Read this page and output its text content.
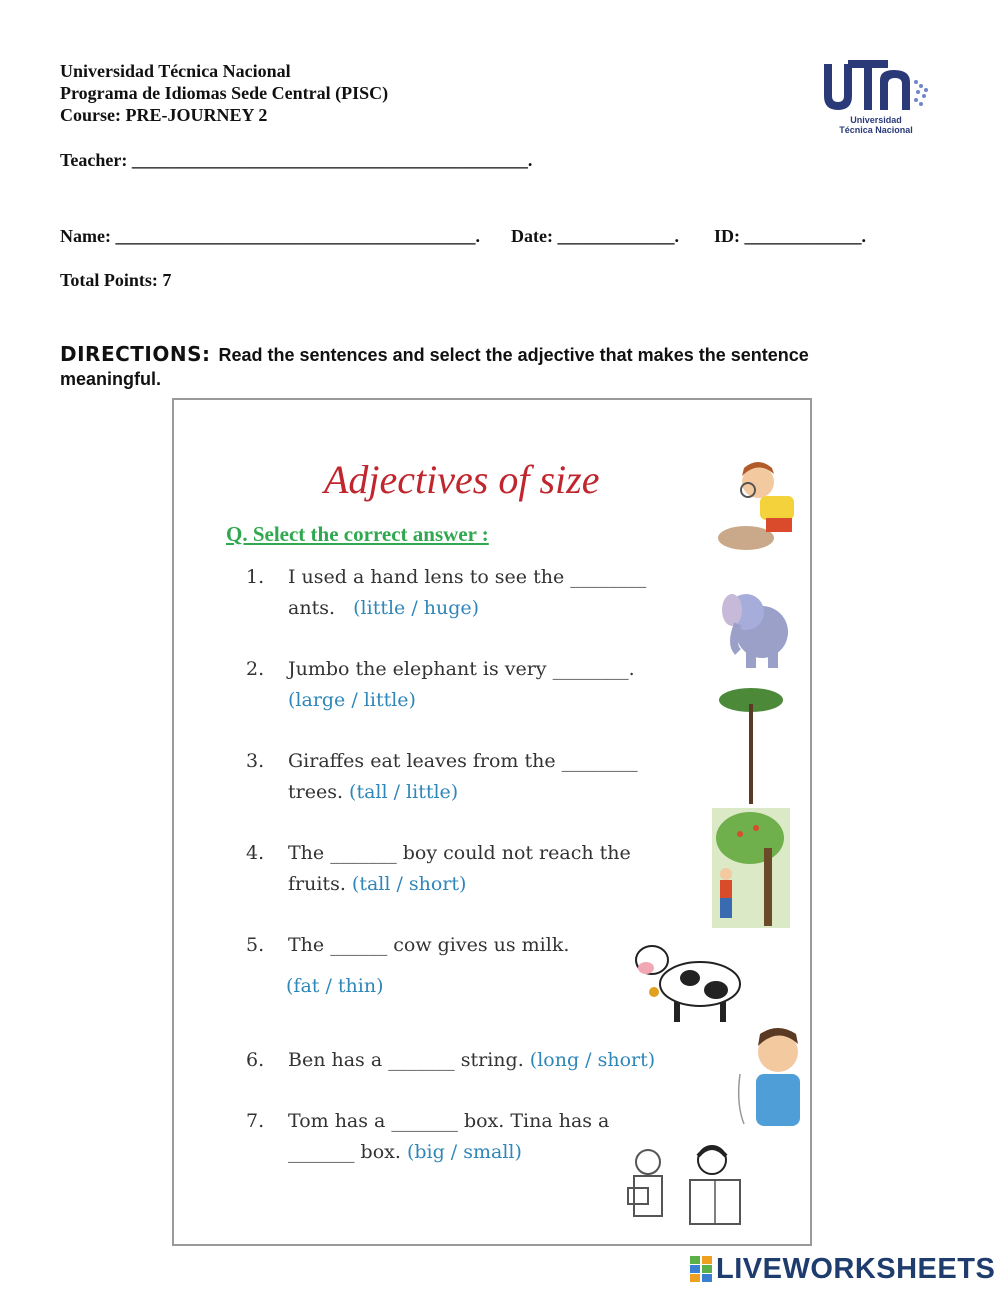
Universidad Técnica Nacional
Programa de Idiomas Sede Central (PISC)
Course: PRE-JOURNEY 2	Universidad
Técnica Nacional
Teacher: ____________________________________________.
Name: ________________________________________. Date: _____________. ID: _____________.
Total Points: 7
DIRECTIONS: Read the sentences and select the adjective that makes the sentence meaningful.
Adjectives of size
Q. Select the correct answer :
1. I used a hand lens to see the ________
ants. (little / huge)
2. Jumbo the elephant is very ________.
(large / little)
3. Giraffes eat leaves from the ________
trees. (tall / little)
4. The _______ boy could not reach the
fruits. (tall / short)
5. The ______ cow gives us milk.
(fat / thin)
6. Ben has a _______ string. (long / short)
7. Tom has a _______ box. Tina has a
_______ box. (big / small)
LIVEWORKSHEETS
